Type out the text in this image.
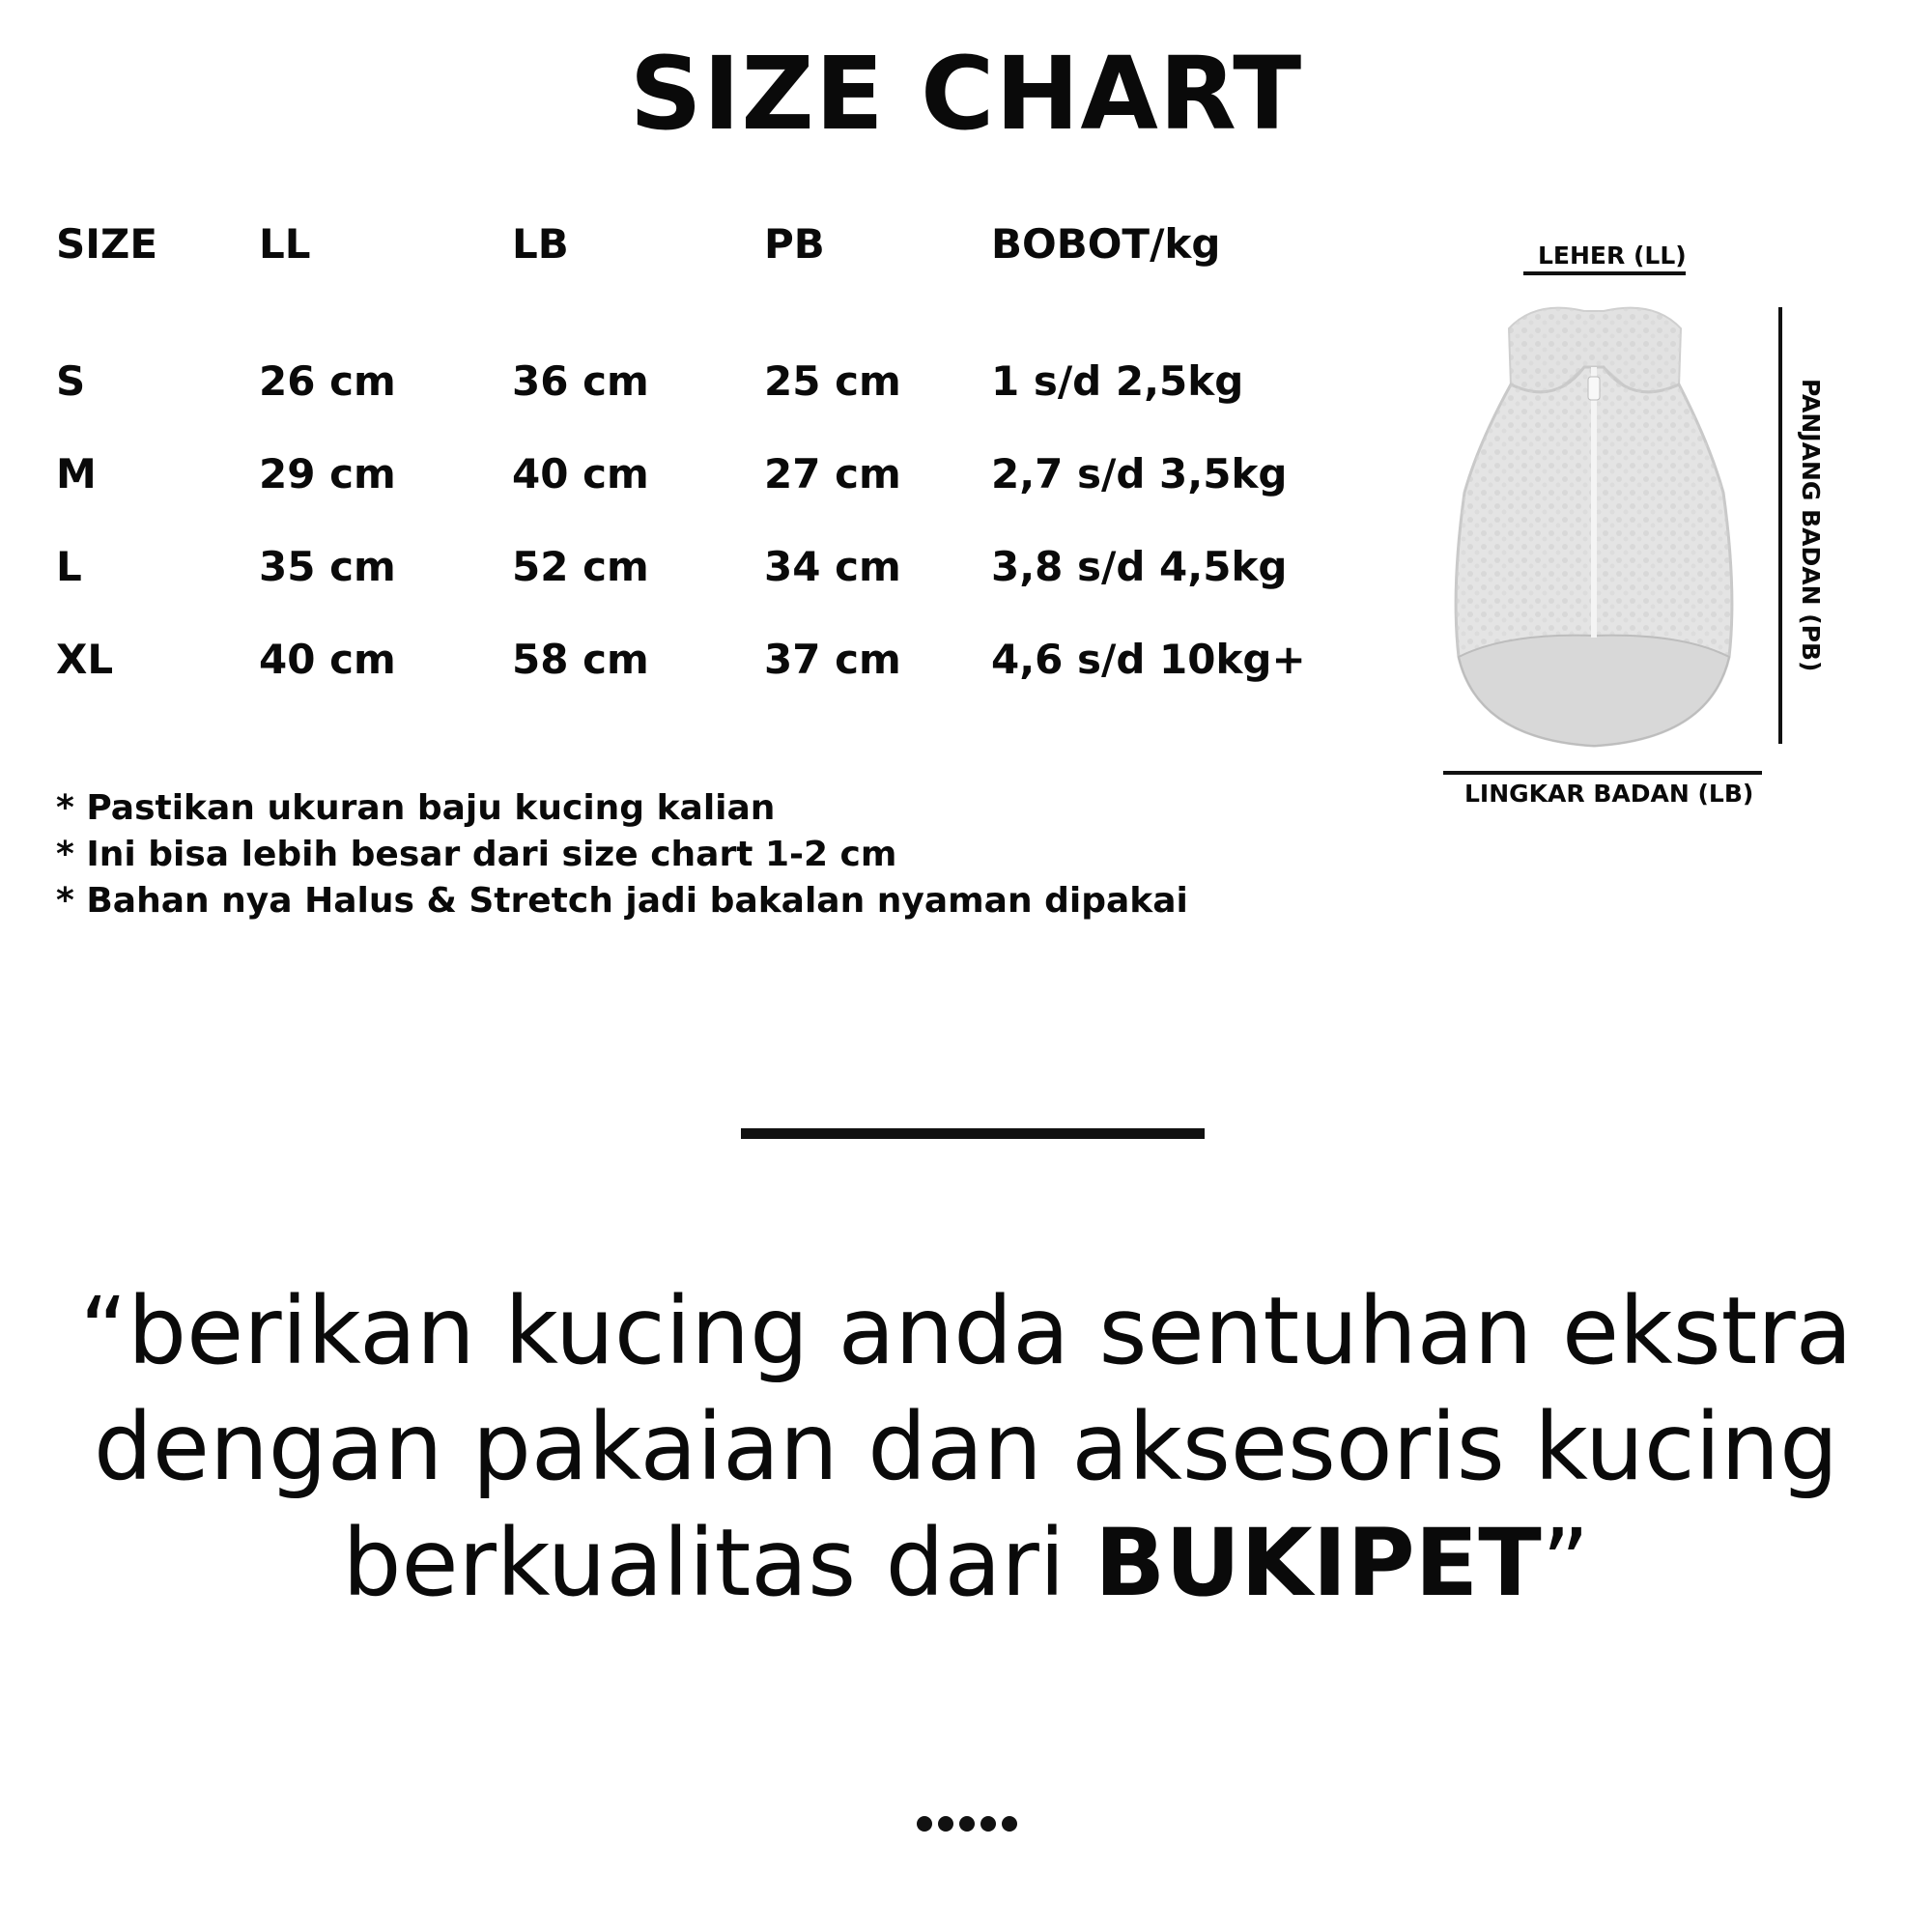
SIZE CHART
SIZE LL	LB	PB	BOBOT/kg
S	26 cm	36 cm	25 cm 1 s/d 2,5kg
M	29 cm	40 cm	27 cm 2,7 s/d 3,5kg
L	35 cm	52 cm	34 cm 3,8 s/d 4,5kg
XL	40 cm	58 cm	37 cm 4,6 s/d 10kg+
* Pastikan ukuran baju kucing kalian
* Ini bisa lebih besar dari size chart 1-2 cm
* Bahan nya Halus & Stretch jadi bakalan nyaman dipakai
LEHER (LL)
PANJANG BADAN (PB)
LINGKAR BADAN (LB)

“berikan kucing anda sentuhan ekstra
dengan pakaian dan aksesoris kucing
berkualitas dari BUKIPET”
